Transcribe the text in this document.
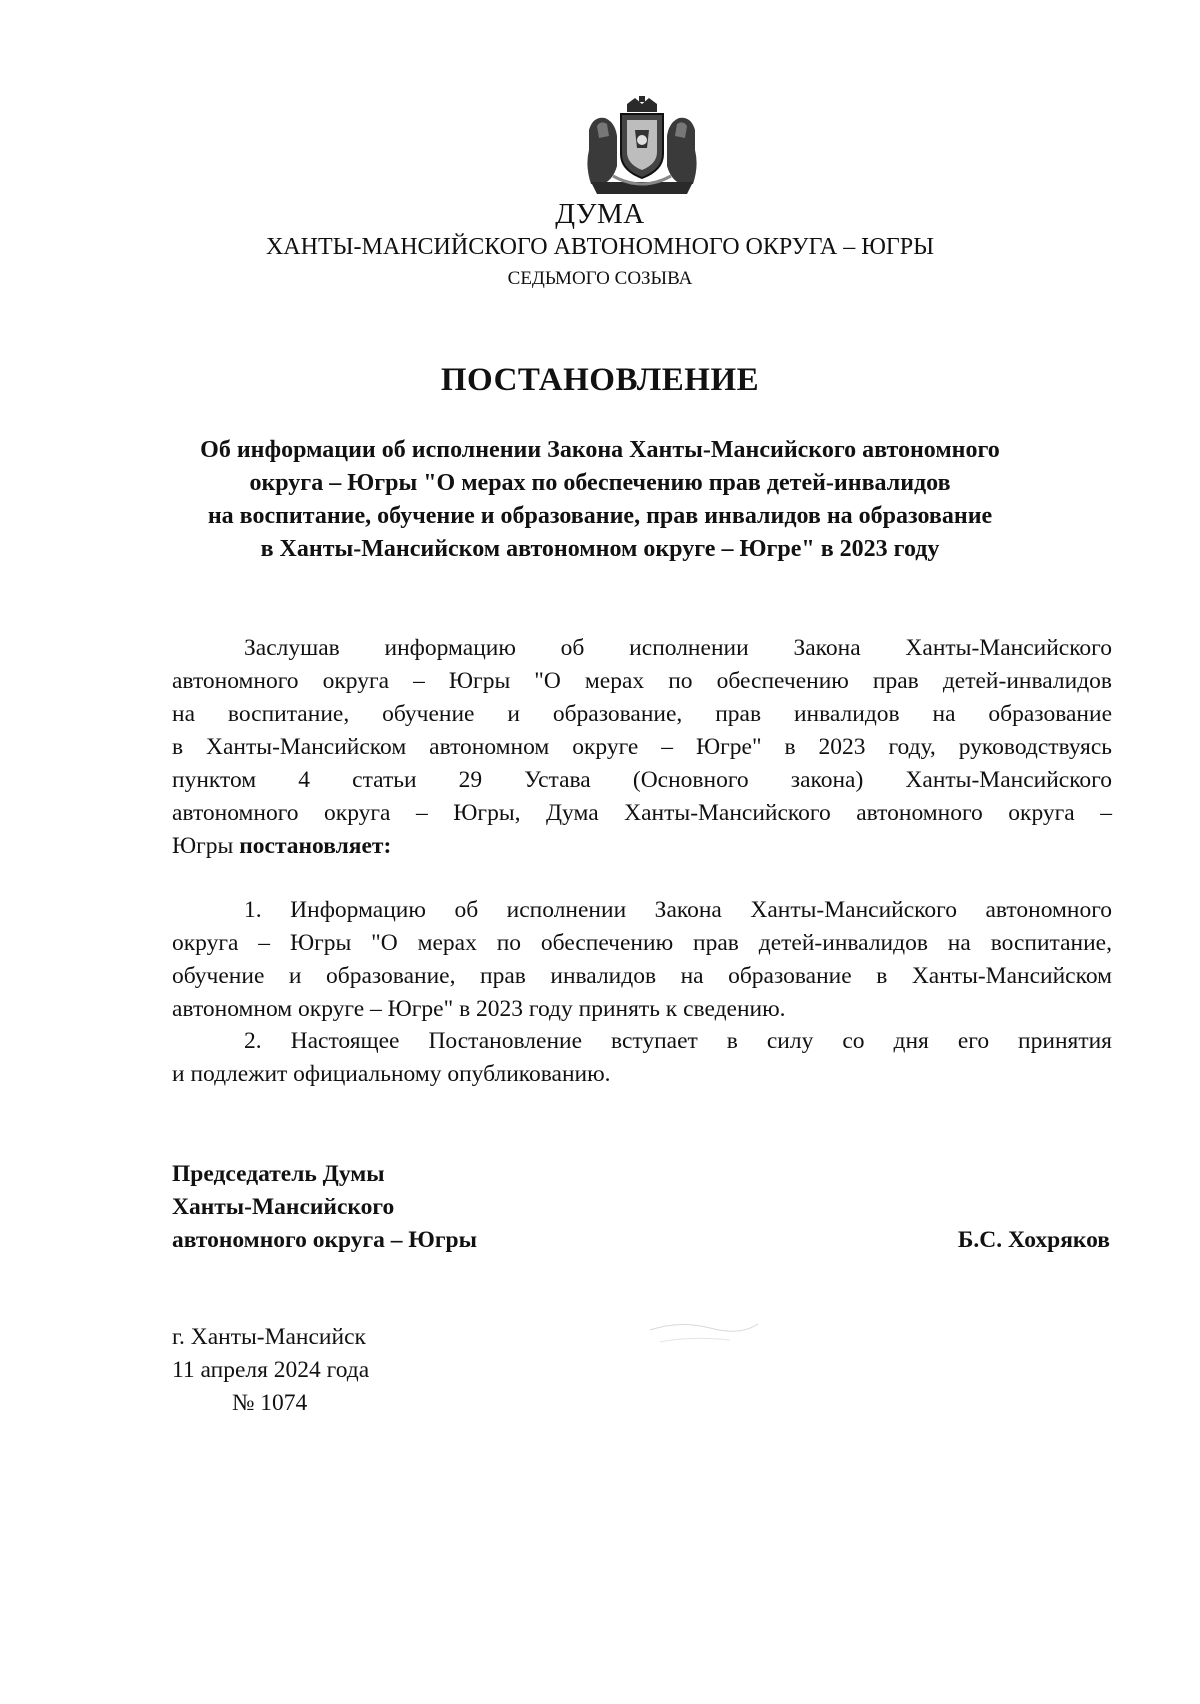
ДУМА
ХАНТЫ-МАНСИЙСКОГО АВТОНОМНОГО ОКРУГА – ЮГРЫ
СЕДЬМОГО СОЗЫВА
ПОСТАНОВЛЕНИЕ
Об информации об исполнении Закона Ханты-Мансийского автономного
округа – Югры "О мерах по обеспечению прав детей-инвалидов
на воспитание, обучение и образование, прав инвалидов на образование
в Ханты-Мансийском автономном округе – Югре" в 2023 году
Заслушав информацию об исполнении Закона Ханты-Мансийского
автономного округа – Югры "О мерах по обеспечению прав детей-инвалидов
на воспитание, обучение и образование, прав инвалидов на образование
в Ханты-Мансийском автономном округе – Югре" в 2023 году, руководствуясь
пунктом 4 статьи 29 Устава (Основного закона) Ханты-Мансийского
автономного округа – Югры, Дума Ханты-Мансийского автономного округа –
Югры постановляет:
1. Информацию об исполнении Закона Ханты-Мансийского автономного
округа – Югры "О мерах по обеспечению прав детей-инвалидов на воспитание,
обучение и образование, прав инвалидов на образование в Ханты-Мансийском
автономном округе – Югре" в 2023 году принять к сведению.
2. Настоящее Постановление вступает в силу со дня его принятия
и подлежит официальному опубликованию.
Председатель Думы
Ханты-Мансийского
автономного округа – Югры	Б.С. Хохряков
г. Ханты-Мансийск
11 апреля 2024 года
№ 1074
